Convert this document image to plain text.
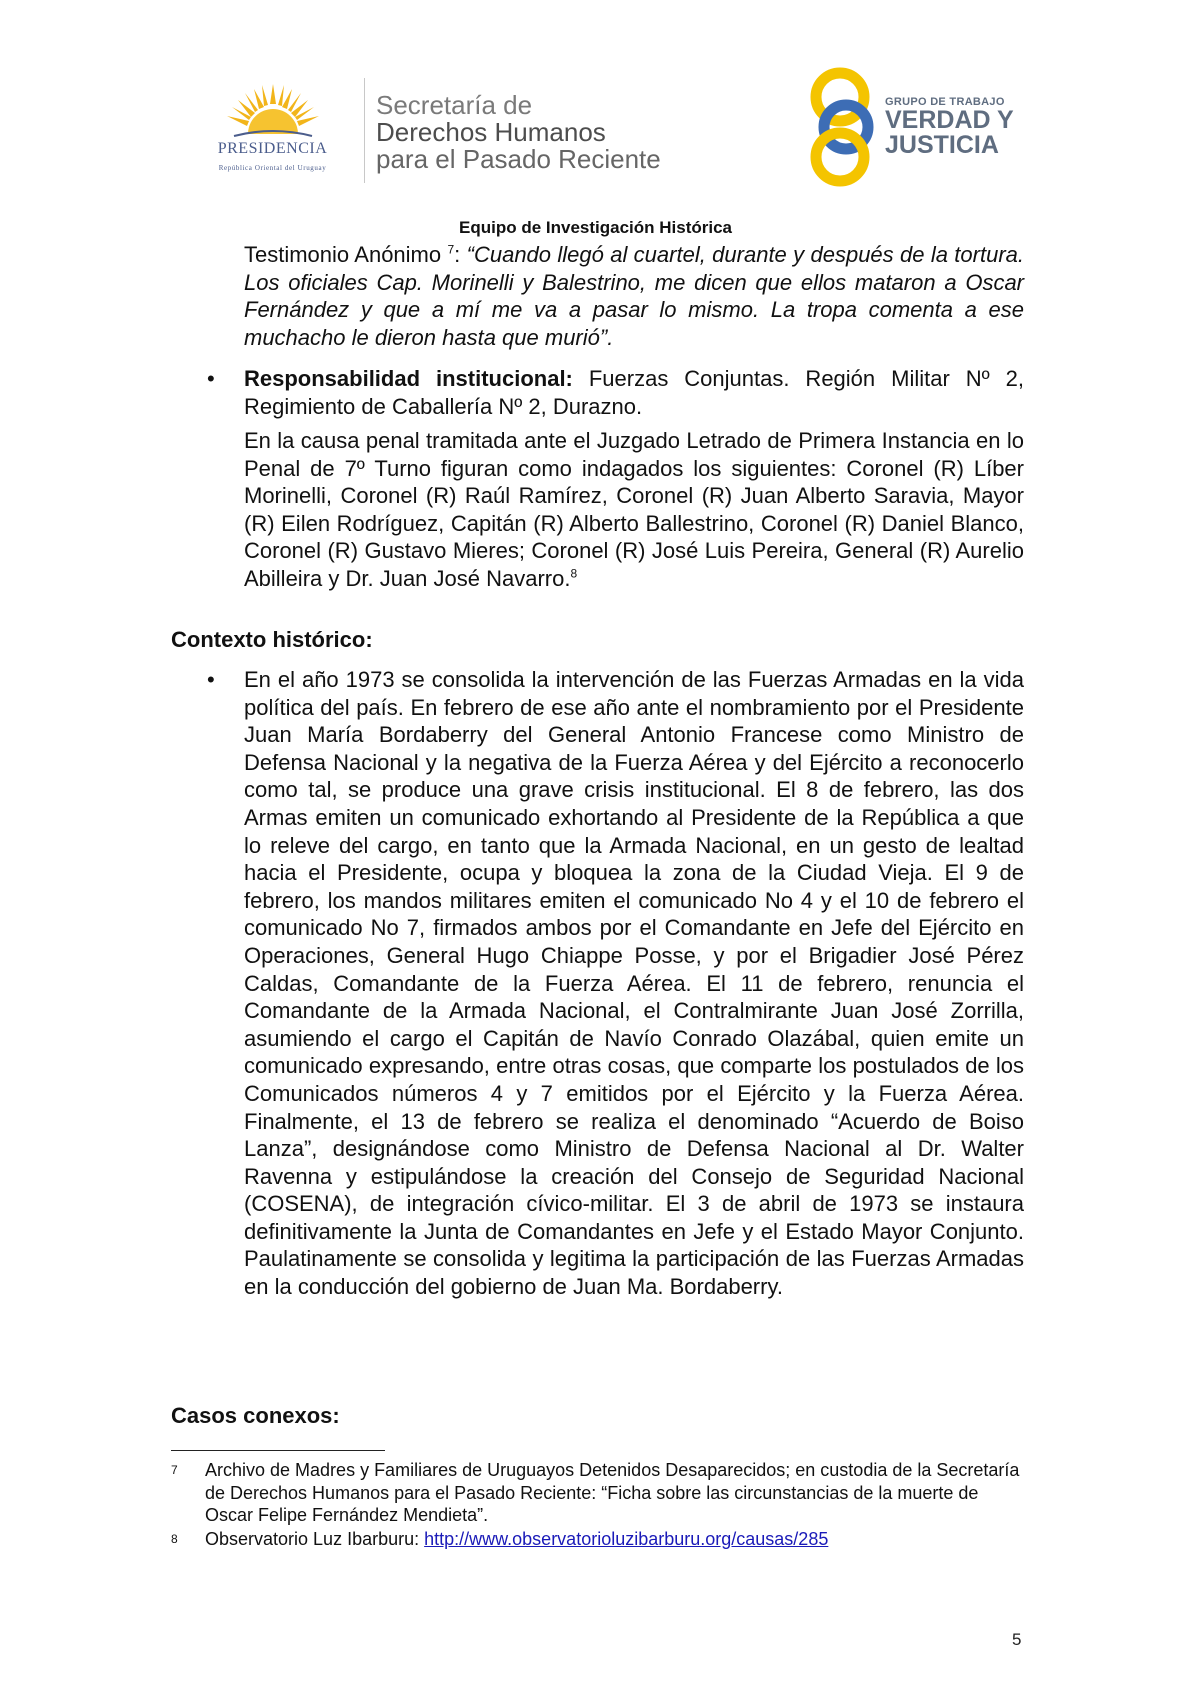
PRESIDENCIA
República Oriental del Uruguay
Secretaría de
Derechos Humanos
para el Pasado Reciente
GRUPO DE TRABAJO
VERDAD Y
JUSTICIA
Equipo de Investigación Histórica
Testimonio Anónimo $^7$: “Cuando llegó al cuartel, durante y después de la tortura. Los oficiales Cap. Morinelli y Balestrino, me dicen que ellos mataron a Oscar Fernández y que a mí me va a pasar lo mismo. La tropa comenta a ese muchacho le dieron hasta que murió”.
• Responsabilidad institucional: Fuerzas Conjuntas. Región Militar Nº 2, Regimiento de Caballería Nº 2, Durazno.
En la causa penal tramitada ante el Juzgado Letrado de Primera Instancia en lo Penal de 7º Turno figuran como indagados los siguientes: Coronel (R) Líber Morinelli, Coronel (R) Raúl Ramírez, Coronel (R) Juan Alberto Saravia, Mayor (R) Eilen Rodríguez, Capitán (R) Alberto Ballestrino, Coronel (R) Daniel Blanco, Coronel (R) Gustavo Mieres; Coronel (R) José Luis Pereira, General (R) Aurelio Abilleira y Dr. Juan José Navarro.$^8$
Contexto histórico:
• En el año 1973 se consolida la intervención de las Fuerzas Armadas en la vida política del país. En febrero de ese año ante el nombramiento por el Presidente Juan María Bordaberry del General Antonio Francese como Ministro de Defensa Nacional y la negativa de la Fuerza Aérea y del Ejército a reconocerlo como tal, se produce una grave crisis institucional. El 8 de febrero, las dos Armas emiten un comunicado exhortando al Presidente de la República a que lo releve del cargo, en tanto que la Armada Nacional, en un gesto de lealtad hacia el Presidente, ocupa y bloquea la zona de la Ciudad Vieja. El 9 de febrero, los mandos militares emiten el comunicado No 4 y el 10 de febrero el comunicado No 7, firmados ambos por el Comandante en Jefe del Ejército en Operaciones, General Hugo Chiappe Posse, y por el Brigadier José Pérez Caldas, Comandante de la Fuerza Aérea. El 11 de febrero, renuncia el Comandante de la Armada Nacional, el Contralmirante Juan José Zorrilla, asumiendo el cargo el Capitán de Navío Conrado Olazábal, quien emite un comunicado expresando, entre otras cosas, que comparte los postulados de los Comunicados números 4 y 7 emitidos por el Ejército y la Fuerza Aérea. Finalmente, el 13 de febrero se realiza el denominado “Acuerdo de Boiso Lanza”, designándose como Ministro de Defensa Nacional al Dr. Walter Ravenna y estipulándose la creación del Consejo de Seguridad Nacional (COSENA), de integración cívico-militar. El 3 de abril de 1973 se instaura definitivamente la Junta de Comandantes en Jefe y el Estado Mayor Conjunto. Paulatinamente se consolida y legitima la participación de las Fuerzas Armadas en la conducción del gobierno de Juan Ma. Bordaberry.
Casos conexos:
7 Archivo de Madres y Familiares de Uruguayos Detenidos Desaparecidos; en custodia de la Secretaría de Derechos Humanos para el Pasado Reciente: “Ficha sobre las circunstancias de la muerte de Oscar Felipe Fernández Mendieta”.
8 Observatorio Luz Ibarburu: http://www.observatorioluzibarburu.org/causas/285
5
